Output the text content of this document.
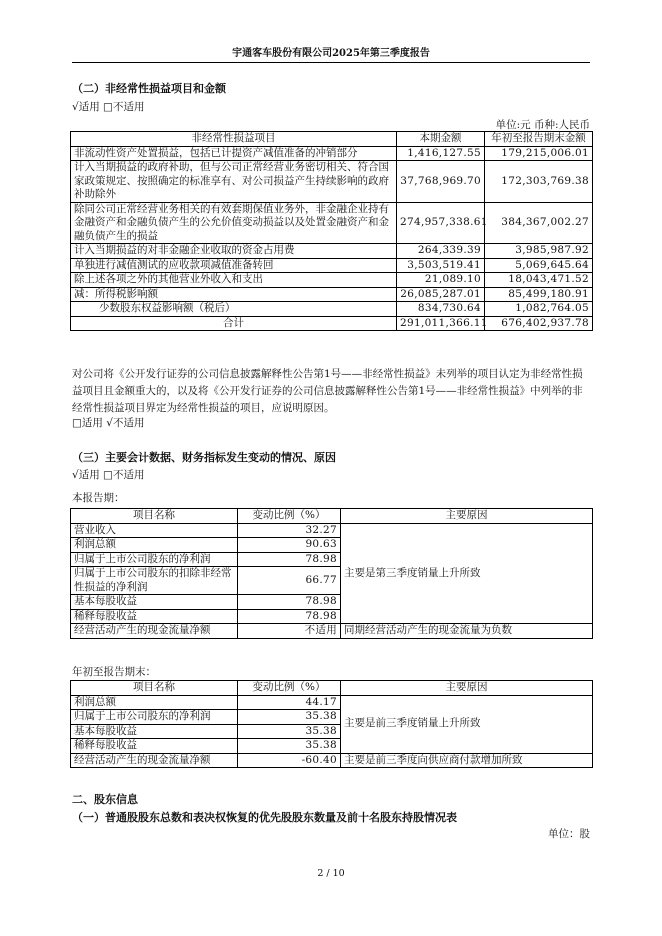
宇通客车股份有限公司2025年第三季度报告
（二）非经常性损益项目和金额
√适用 □不适用
单位:元 币种:人民币
非经常性损益项目	本期金额	年初至报告期末金额
非流动性资产处置损益，包括已计提资产减值准备的冲销部分	1,416,127.55	179,215,006.01
计入当期损益的政府补助，但与公司正常经营业务密切相关、符合国家政策规定、按照确定的标准享有、对公司损益产生持续影响的政府补助除外	37,768,969.70	172,303,769.38
除同公司正常经营业务相关的有效套期保值业务外，非金融企业持有金融资产和金融负债产生的公允价值变动损益以及处置金融资产和金融负债产生的损益	274,957,338.61	384,367,002.27
计入当期损益的对非金融企业收取的资金占用费	264,339.39	3,985,987.92
单独进行减值测试的应收款项减值准备转回	3,503,519.41	5,069,645.64
除上述各项之外的其他营业外收入和支出	21,089.10	18,043,471.52
减：所得税影响额	26,085,287.01	85,499,180.91
少数股东权益影响额（税后）	834,730.64	1,082,764.05
合计	291,011,366.11	676,402,937.78
对公司将《公开发行证券的公司信息披露解释性公告第1号——非经常性损益》未列举的项目认定为非经常性损益项目且金额重大的，以及将《公开发行证券的公司信息披露解释性公告第1号——非经常性损益》中列举的非经常性损益项目界定为经常性损益的项目，应说明原因。
□适用 √不适用
（三）主要会计数据、财务指标发生变动的情况、原因
√适用 □不适用
本报告期：
项目名称	变动比例（%）	主要原因
营业收入	32.27	主要是第三季度销量上升所致
利润总额	90.63	
归属于上市公司股东的净利润	78.98	
归属于上市公司股东的扣除非经常性损益的净利润	66.77	
基本每股收益	78.98	
稀释每股收益	78.98	
经营活动产生的现金流量净额	不适用	同期经营活动产生的现金流量为负数
年初至报告期末：
项目名称	变动比例（%）	主要原因
利润总额	44.17	主要是前三季度销量上升所致
归属于上市公司股东的净利润	35.38	
基本每股收益	35.38	
稀释每股收益	35.38	
经营活动产生的现金流量净额	-60.40	主要是前三季度向供应商付款增加所致
二、股东信息
（一）普通股股东总数和表决权恢复的优先股股东数量及前十名股东持股情况表
单位：股
2 / 10
